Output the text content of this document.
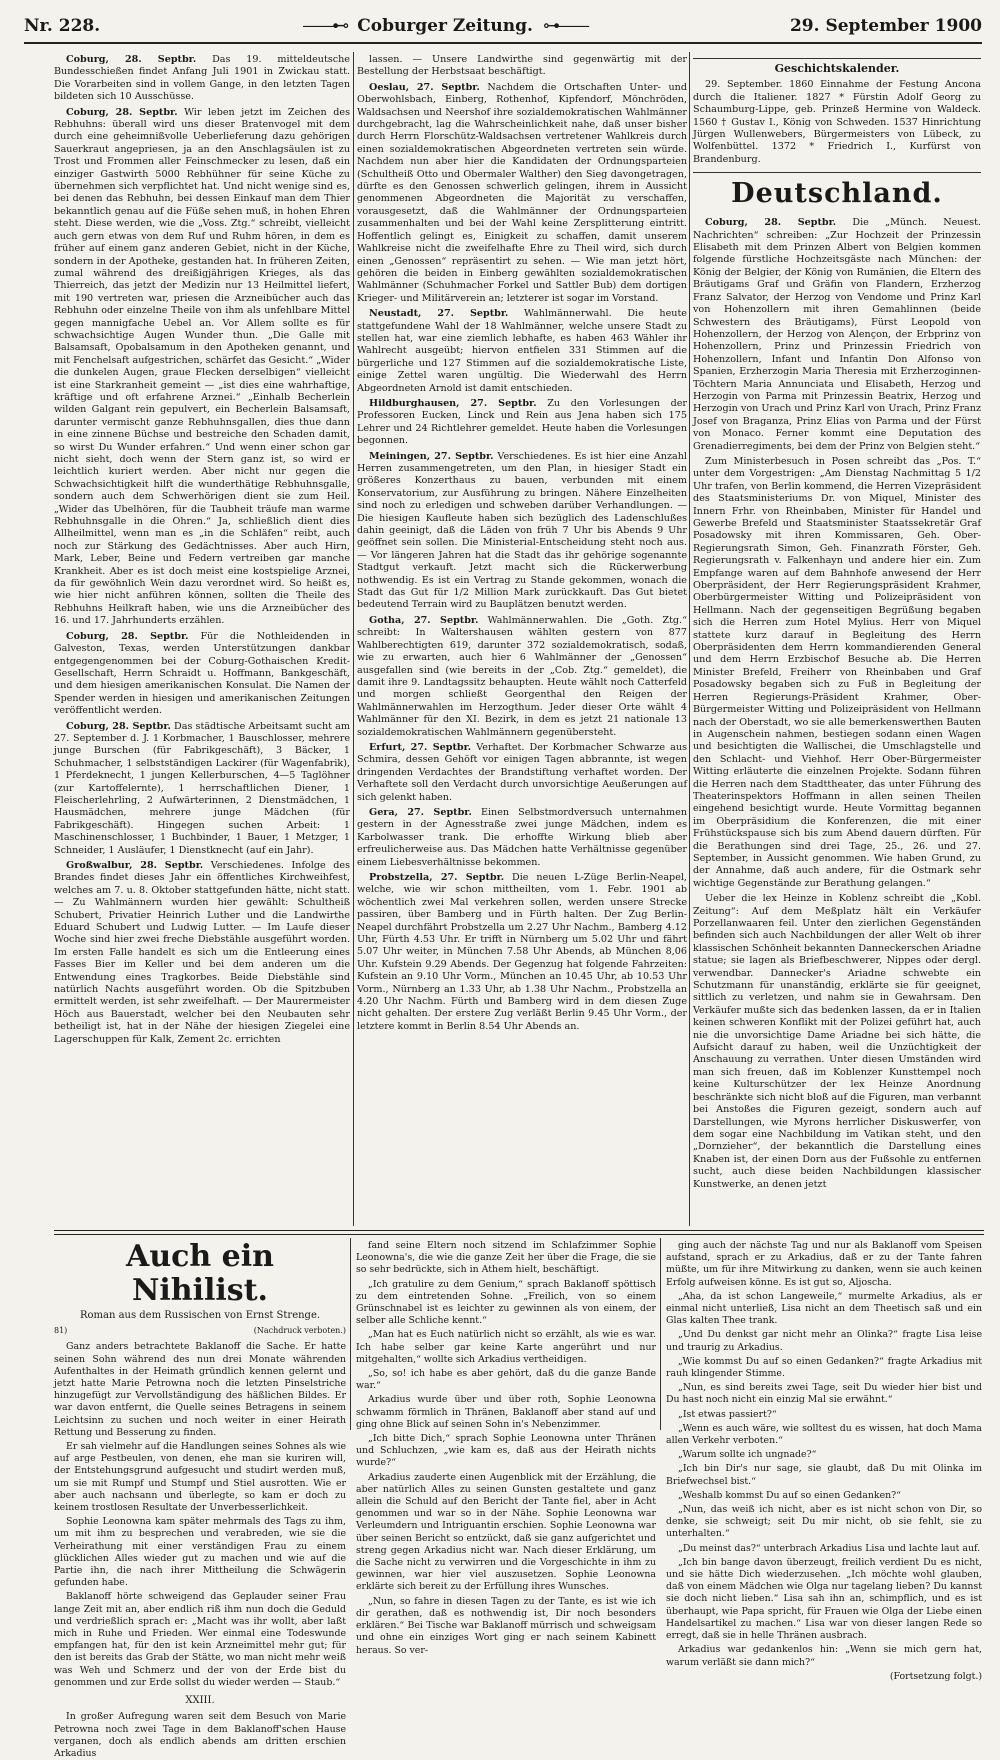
Nr. 228.	——⊷ Coburger Zeitung. ⊶——	29. September 1900

Coburg, 28. Septbr. Das 19. mitteldeutsche Bundesschießen findet Anfang Juli 1901 in Zwickau statt. Die Vorarbeiten sind in vollem Gange, in den letzten Tagen bildeten sich 10 Ausschüsse.

Coburg, 28. Septbr. Wir leben jetzt im Zeichen des Rebhuhns: überall wird uns dieser Bratenvogel mit dem durch eine geheimnißvolle Ueberlieferung dazu gehörigen Sauerkraut angepriesen, ja an den Anschlagsäulen ist zu Trost und Frommen aller Feinschmecker zu lesen, daß ein einziger Gastwirth 5000 Rebhühner für seine Küche zu übernehmen sich verpflichtet hat. Und nicht wenige sind es, bei denen das Rebhuhn, bei dessen Einkauf man dem Thier bekanntlich genau auf die Füße sehen muß, in hohen Ehren steht. Diese werden, wie die „Voss. Ztg.“ schreibt, vielleicht auch gern etwas von dem Ruf und Ruhm hören, in dem es früher auf einem ganz anderen Gebiet, nicht in der Küche, sondern in der Apotheke, gestanden hat. In früheren Zeiten, zumal während des dreißigjährigen Krieges, als das Thierreich, das jetzt der Medizin nur 13 Heilmittel liefert, mit 190 vertreten war, priesen die Arzneibücher auch das Rebhuhn oder einzelne Theile von ihm als unfehlbare Mittel gegen mannigfache Uebel an. Vor Allem sollte es für schwachsichtige Augen Wunder thun. „Die Galle mit Balsamsaft, Opobalsamum in den Apotheken genannt, und mit Fenchelsaft aufgestrichen, schärfet das Gesicht.“ „Wider die dunkelen Augen, graue Flecken derselbigen“ vielleicht ist eine Starkranheit gemeint — „ist dies eine wahrhaftige, kräftige und oft erfahrene Arznei.“ „Einhalb Becherlein wilden Galgant rein gepulvert, ein Becherlein Balsamsaft, darunter vermischt ganze Rebhuhnsgallen, dies thue dann in eine zinnene Büchse und bestreiche den Schaden damit, so wirst Du Wunder erfahren.“ Und wenn einer schon gar nicht sieht, doch wenn der Stern ganz ist, so wird er leichtlich kuriert werden. Aber nicht nur gegen die Schwachsichtigkeit hilft die wunderthätige Rebhuhnsgalle, sondern auch dem Schwerhörigen dient sie zum Heil. „Wider das Ubelhören, für die Taubheit träufe man warme Rebhuhnsgalle in die Ohren.“ Ja, schließlich dient dies Allheilmittel, wenn man es „in die Schläfen“ reibt, auch noch zur Stärkung des Gedächtnisses. Aber auch Hirn, Mark, Leber, Beine und Federn vertreiben gar manche Krankheit. Aber es ist doch meist eine kostspielige Arznei, da für gewöhnlich Wein dazu verordnet wird. So heißt es, wie hier nicht anführen können, sollten die Theile des Rebhuhns Heilkraft haben, wie uns die Arzneibücher des 16. und 17. Jahrhunderts erzählen.

Coburg, 28. Septbr. Für die Nothleidenden in Galveston, Texas, werden Unterstützungen dankbar entgegengenommen bei der Coburg-Gothaischen Kredit-Gesellschaft, Herrn Schraidt u. Hoffmann, Bankgeschäft, und dem hiesigen amerikanischen Konsulat. Die Namen der Spender werden in hiesigen und amerikanischen Zeitungen veröffentlicht werden.

Coburg, 28. Septbr. Das städtische Arbeitsamt sucht am 27. September d. J. 1 Korbmacher, 1 Bauschlosser, mehrere junge Burschen (für Fabrikgeschäft), 3 Bäcker, 1 Schuhmacher, 1 selbstständigen Lackirer (für Wagenfabrik), 1 Pferdeknecht, 1 jungen Kellerburschen, 4—5 Taglöhner (zur Kartoffelernte), 1 herrschaftlichen Diener, 1 Fleischerlehrling, 2 Aufwärterinnen, 2 Dienstmädchen, 1 Hausmädchen, mehrere junge Mädchen (für Fabrikgeschäft). Hingegen suchen Arbeit: 1 Maschinenschlosser, 1 Buchbinder, 1 Bauer, 1 Metzger, 1 Schneider, 1 Ausläufer, 1 Dienstknecht (auf ein Jahr).

Großwalbur, 28. Septbr. Verschiedenes. Infolge des Brandes findet dieses Jahr ein öffentliches Kirchweihfest, welches am 7. u. 8. Oktober stattgefunden hätte, nicht statt. — Zu Wahlmännern wurden hier gewählt: Schultheiß Schubert, Privatier Heinrich Luther und die Landwirthe Eduard Schubert und Ludwig Lutter. — Im Laufe dieser Woche sind hier zwei freche Diebstähle ausgeführt worden. Im ersten Falle handelt es sich um die Entleerung eines Fasses Bier im Keller und bei dem anderen um die Entwendung eines Tragkorbes. Beide Diebstähle sind natürlich Nachts ausgeführt worden. Ob die Spitzbuben ermittelt werden, ist sehr zweifelhaft. — Der Maurermeister Höch aus Bauerstadt, welcher bei den Neubauten sehr betheiligt ist, hat in der Nähe der hiesigen Ziegelei eine Lagerschuppen für Kalk, Zement 2c. errichten

lassen. — Unsere Landwirthe sind gegenwärtig mit der Bestellung der Herbstsaat beschäftigt.

Oeslau, 27. Septbr. Nachdem die Ortschaften Unter- und Oberwohlsbach, Einberg, Rothenhof, Kipfendorf, Mönchröden, Waldsachsen und Neershof ihre sozialdemokratischen Wahlmänner durchgebracht, lag die Wahrscheinlichkeit nahe, daß unser bisher durch Herrn Florschütz-Waldsachsen vertretener Wahlkreis durch einen sozialdemokratischen Abgeordneten vertreten sein würde. Nachdem nun aber hier die Kandidaten der Ordnungsparteien (Schultheiß Otto und Obermaler Walther) den Sieg davongetragen, dürfte es den Genossen schwerlich gelingen, ihrem in Aussicht genommenen Abgeordneten die Majorität zu verschaffen, vorausgesetzt, daß die Wahlmänner der Ordnungsparteien zusammenhalten und bei der Wahl keine Zersplitterung eintritt. Hoffentlich gelingt es, Einigkeit zu schaffen, damit unserem Wahlkreise nicht die zweifelhafte Ehre zu Theil wird, sich durch einen „Genossen“ repräsentirt zu sehen. — Wie man jetzt hört, gehören die beiden in Einberg gewählten sozialdemokratischen Wahlmänner (Schuhmacher Forkel und Sattler Bub) dem dortigen Krieger- und Militärverein an; letzterer ist sogar im Vorstand.

Neustadt, 27. Septbr. Wahlmännerwahl. Die heute stattgefundene Wahl der 18 Wahlmänner, welche unsere Stadt zu stellen hat, war eine ziemlich lebhafte, es haben 463 Wähler ihr Wahlrecht ausgeübt; hiervon entfielen 331 Stimmen auf die bürgerliche und 127 Stimmen auf die sozialdemokratische Liste, einige Zettel waren ungültig. Die Wiederwahl des Herrn Abgeordneten Arnold ist damit entschieden.

Hildburghausen, 27. Septbr. Zu den Vorlesungen der Professoren Eucken, Linck und Rein aus Jena haben sich 175 Lehrer und 24 Richtlehrer gemeldet. Heute haben die Vorlesungen begonnen.

Meiningen, 27. Septbr. Verschiedenes. Es ist hier eine Anzahl Herren zusammengetreten, um den Plan, in hiesiger Stadt ein größeres Konzerthaus zu bauen, verbunden mit einem Konservatorium, zur Ausführung zu bringen. Nähere Einzelheiten sind noch zu erledigen und schweben darüber Verhandlungen. — Die hiesigen Kaufleute haben sich bezüglich des Ladenschlußes dahin geeinigt, daß die Läden von früh 7 Uhr bis Abends 9 Uhr geöffnet sein sollen. Die Ministerial-Entscheidung steht noch aus. — Vor längeren Jahren hat die Stadt das ihr gehörige sogenannte Stadtgut verkauft. Jetzt macht sich die Rückerwerbung nothwendig. Es ist ein Vertrag zu Stande gekommen, wonach die Stadt das Gut für 1/2 Million Mark zurückkauft. Das Gut bietet bedeutend Terrain wird zu Bauplätzen benutzt werden.

Gotha, 27. Septbr. Wahlmännerwahlen. Die „Goth. Ztg.“ schreibt: In Waltershausen wählten gestern von 877 Wahlberechtigten 619, darunter 372 sozialdemokratisch, sodaß, wie zu erwarten, auch hier 6 Wahlmänner der „Genossen“ ausgefallen sind (wie bereits in der „Cob. Ztg.“ gemeldet), die damit ihre 9. Landtagssitz behaupten. Heute wählt noch Catterfeld und morgen schließt Georgenthal den Reigen der Wahlmännerwahlen im Herzogthum. Jeder dieser Orte wählt 4 Wahlmänner für den XI. Bezirk, in dem es jetzt 21 nationale 13 sozialdemokratischen Wahlmännern gegenübersteht.

Erfurt, 27. Septbr. Verhaftet. Der Korbmacher Schwarze aus Schmira, dessen Gehöft vor einigen Tagen abbrannte, ist wegen dringenden Verdachtes der Brandstiftung verhaftet worden. Der Verhaftete soll den Verdacht durch unvorsichtige Aeußerungen auf sich gelenkt haben.

Gera, 27. Septbr. Einen Selbstmordversuch unternahmen gestern in der Agnesstraße zwei junge Mädchen, indem es Karbolwasser trank. Die erhoffte Wirkung blieb aber erfreulicherweise aus. Das Mädchen hatte Verhältnisse gegenüber einem Liebesverhältnisse bekommen.

Probstzella, 27. Septbr. Die neuen L-Züge Berlin-Neapel, welche, wie wir schon mittheilten, vom 1. Febr. 1901 ab wöchentlich zwei Mal verkehren sollen, werden unsere Strecke passiren, über Bamberg und in Fürth halten. Der Zug Berlin-Neapel durchfährt Probstzella um 2.27 Uhr Nachm., Bamberg 4.12 Uhr, Fürth 4.53 Uhr. Er trifft in Nürnberg um 5.02 Uhr und fährt 5.07 Uhr weiter, in München 7.58 Uhr Abends, ab München 8,06 Uhr. Kufstein 9.29 Abends. Der Gegenzug hat folgende Fahrzeiten: Kufstein an 9.10 Uhr Vorm., München an 10.45 Uhr, ab 10.53 Uhr Vorm., Nürnberg an 1.33 Uhr, ab 1.38 Uhr Nachm., Probstzella an 4.20 Uhr Nachm. Fürth und Bamberg wird in dem diesen Zuge nicht gehalten. Der erstere Zug verläßt Berlin 9.45 Uhr Vorm., der letztere kommt in Berlin 8.54 Uhr Abends an.

Geschichtskalender.

29. September. 1860 Einnahme der Festung Ancona durch die Italiener. 1827 * Fürstin Adolf Georg zu Schaumburg-Lippe, geb. Prinzeß Hermine von Waldeck. 1560 † Gustav I., König von Schweden. 1537 Hinrichtung Jürgen Wullenwebers, Bürgermeisters von Lübeck, zu Wolfenbüttel. 1372 * Friedrich I., Kurfürst von Brandenburg.

Deutschland.

Coburg, 28. Septbr. Die „Münch. Neuest. Nachrichten“ schreiben: „Zur Hochzeit der Prinzessin Elisabeth mit dem Prinzen Albert von Belgien kommen folgende fürstliche Hochzeitsgäste nach München: der König der Belgier, der König von Rumänien, die Eltern des Bräutigams Graf und Gräfin von Flandern, Erzherzog Franz Salvator, der Herzog von Vendome und Prinz Karl von Hohenzollern mit ihren Gemahlinnen (beide Schwestern des Bräutigams), Fürst Leopold von Hohenzollern, der Herzog von Alençon, der Erbprinz von Hohenzollern, Prinz und Prinzessin Friedrich von Hohenzollern, Infant und Infantin Don Alfonso von Spanien, Erzherzogin Maria Theresia mit Erzherzoginnen-Töchtern Maria Annunciata und Elisabeth, Herzog und Herzogin von Parma mit Prinzessin Beatrix, Herzog und Herzogin von Urach und Prinz Karl von Urach, Prinz Franz Josef von Braganza, Prinz Elias von Parma und der Fürst von Monaco. Ferner kommt eine Deputation des Grenadierregiments, bei dem der Prinz von Belgien steht.“

Zum Ministerbesuch in Posen schreibt das „Pos. T.“ unter dem Vorgestrigen: „Am Dienstag Nachmittag 5 1/2 Uhr trafen, von Berlin kommend, die Herren Vizepräsident des Staatsministeriums Dr. von Miquel, Minister des Innern Frhr. von Rheinbaben, Minister für Handel und Gewerbe Brefeld und Staatsminister Staatssekretär Graf Posadowsky mit ihren Kommissaren, Geh. Ober-Regierungsrath Simon, Geh. Finanzrath Förster, Geh. Regierungsrath v. Falkenhayn und andere hier ein. Zum Empfange waren auf dem Bahnhofe anwesend der Herr Oberpräsident, der Herr Regierungspräsident Krahmer, Oberbürgermeister Witting und Polizeipräsident von Hellmann. Nach der gegenseitigen Begrüßung begaben sich die Herren zum Hotel Mylius. Herr von Miquel stattete kurz darauf in Begleitung des Herrn Oberpräsidenten dem Herrn kommandierenden General und dem Herrn Erzbischof Besuche ab. Die Herren Minister Brefeld, Freiherr von Rheinbaben und Graf Posadowsky begaben sich zu Fuß in Begleitung der Herren Regierungs-Präsident Krahmer, Ober-Bürgermeister Witting und Polizeipräsident von Hellmann nach der Oberstadt, wo sie alle bemerkenswerthen Bauten in Augenschein nahmen, bestiegen sodann einen Wagen und besichtigten die Wallischei, die Umschlagstelle und den Schlacht- und Viehhof. Herr Ober-Bürgermeister Witting erläuterte die einzelnen Projekte. Sodann führen die Herren nach dem Stadttheater, das unter Führung des Theaterinspektors Hoffmann in allen seinen Theilen eingehend besichtigt wurde. Heute Vormittag begannen im Oberpräsidium die Konferenzen, die mit einer Frühstückspause sich bis zum Abend dauern dürften. Für die Berathungen sind drei Tage, 25., 26. und 27. September, in Aussicht genommen. Wie haben Grund, zu der Annahme, daß auch andere, für die Ostmark sehr wichtige Gegenstände zur Berathung gelangen.“

Ueber die lex Heinze in Koblenz schreibt die „Kobl. Zeitung“: Auf dem Meßplatz hält ein Verkäufer Porzellanwaaren feil. Unter den zierlichen Gegenständen befinden sich auch Nachbildungen der aller Welt ob ihrer klassischen Schönheit bekannten Danneckerschen Ariadne statue; sie lagen als Briefbeschwerer, Nippes oder dergl. verwendbar. Dannecker's Ariadne schwebte ein Schutzmann für unanständig, erklärte sie für geeignet, sittlich zu verletzen, und nahm sie in Gewahrsam. Den Verkäufer mußte sich das bedenken lassen, da er in Italien keinen schweren Konflikt mit der Polizei geführt hat, auch nie die unvorsichtige Dame Ariadne bei sich hätte, die Aufsicht darauf zu haben, weil die Unzüchtigkeit der Anschauung zu verrathen. Unter diesen Umständen wird man sich freuen, daß im Koblenzer Kunsttempel noch keine Kulturschützer der lex Heinze Anordnung beschränkte sich nicht bloß auf die Figuren, man verbannt bei Anstoßes die Figuren gezeigt, sondern auch auf Darstellungen, wie Myrons herrlicher Diskuswerfer, von dem sogar eine Nachbildung im Vatikan steht, und den „Dornzieher“, der bekanntlich die Darstellung eines Knaben ist, der einen Dorn aus der Fußsohle zu entfernen sucht, auch diese beiden Nachbildungen klassischer Kunstwerke, an denen jetzt

Auch ein Nihilist.
Roman aus dem Russischen von Ernst Strenge.
81)	(Nachdruck verboten.)

Ganz anders betrachtete Baklanoff die Sache. Er hatte seinen Sohn während des nun drei Monate währenden Aufenthaltes in der Heimath gründlich kennen gelernt und jetzt hatte Marie Petrowna noch die letzten Pinselstriche hinzugefügt zur Vervollständigung des häßlichen Bildes. Er war davon entfernt, die Quelle seines Betragens in seinem Leichtsinn zu suchen und noch weiter in einer Heirath Rettung und Besserung zu finden.

Er sah vielmehr auf die Handlungen seines Sohnes als wie auf arge Pestbeulen, von denen, ehe man sie kuriren will, der Entstehungsgrund aufgesucht und studirt werden muß, um sie mit Rumpf und Stumpf und Stiel ausrotten. Wie er aber auch nachsann und überlegte, so kam er doch zu keinem trostlosen Resultate der Unverbesserlichkeit.

Sophie Leonowna kam später mehrmals des Tags zu ihm, um mit ihm zu besprechen und verabreden, wie sie die Verheirathung mit einer verständigen Frau zu einem glücklichen Alles wieder gut zu machen und wie auf die Partie ihn, die nach ihrer Mittheilung die Schwägerin gefunden habe.

Baklanoff hörte schweigend das Geplauder seiner Frau lange Zeit mit an, aber endlich riß ihm nun doch die Geduld und verdrießlich sprach er: „Macht was ihr wollt, aber laßt mich in Ruhe und Frieden. Wer einmal eine Todeswunde empfangen hat, für den ist kein Arzneimittel mehr gut; für den ist bereits das Grab der Stätte, wo man nicht mehr weiß was Weh und Schmerz und der von der Erde bist du genommen und zur Erde sollst du wieder werden — Staub.“

XXIII.

In großer Aufregung waren seit dem Besuch von Marie Petrowna noch zwei Tage in dem Baklanoff'schen Hause verganen, doch als endlich abends am dritten erschien Arkadius

fand seine Eltern noch sitzend im Schlafzimmer Sophie Leonowna's, die wie die ganze Zeit her über die Frage, die sie so sehr bedrückte, sich in Athem hielt, beschäftigt.

„Ich gratulire zu dem Genium,“ sprach Baklanoff spöttisch zu dem eintretenden Sohne. „Freilich, von so einem Grünschnabel ist es leichter zu gewinnen als von einem, der selber alle Schliche kennt.“

„Man hat es Euch natürlich nicht so erzählt, als wie es war. Ich habe selber gar keine Karte angerührt und nur mitgehalten,“ wollte sich Arkadius vertheidigen.

„So, so! ich habe es aber gehört, daß du die ganze Bande war.“

Arkadius wurde über und über roth, Sophie Leonowna schwamm förmlich in Thränen, Baklanoff aber stand auf und ging ohne Blick auf seinen Sohn in's Nebenzimmer.

„Ich bitte Dich,“ sprach Sophie Leonowna unter Thränen und Schluchzen, „wie kam es, daß aus der Heirath nichts wurde?“

Arkadius zauderte einen Augenblick mit der Erzählung, die aber natürlich Alles zu seinen Gunsten gestaltete und ganz allein die Schuld auf den Bericht der Tante fiel, aber in Acht genommen und war so in der Nähe. Sophie Leonowna war Verleumdern und Intriguantin erschien. Sophie Leonowna war über seinen Bericht so entzückt, daß sie ganz aufgerichtet und streng gegen Arkadius nicht war. Nach dieser Erklärung, um die Sache nicht zu verwirren und die Vorgeschichte in ihm zu gewinnen, war hier viel auszusetzen. Sophie Leonowna erklärte sich bereit zu der Erfüllung ihres Wunsches.

„Nun, so fahre in diesen Tagen zu der Tante, es ist wie ich dir gerathen, daß es nothwendig ist, Dir noch besonders erklären.“ Bei Tische war Baklanoff mürrisch und schweigsam und ohne ein einziges Wort ging er nach seinem Kabinett heraus. So ver-

ging auch der nächste Tag und nur als Baklanoff vom Speisen aufstand, sprach er zu Arkadius, daß er zu der Tante fahren müßte, um für ihre Mitwirkung zu danken, wenn sie auch keinen Erfolg aufweisen könne. Es ist gut so, Aljoscha.

„Aha, da ist schon Langeweile,“ murmelte Arkadius, als er einmal nicht unterließ, Lisa nicht an dem Theetisch saß und ein Glas kalten Thee trank.

„Und Du denkst gar nicht mehr an Olinka?“ fragte Lisa leise und traurig zu Arkadius.

„Wie kommst Du auf so einen Gedanken?“ fragte Arkadius mit rauh klingender Stimme.

„Nun, es sind bereits zwei Tage, seit Du wieder hier bist und Du hast noch nicht ein einzig Mal sie erwähnt.“

„Ist etwas passiert?“

„Wenn es auch wäre, wie solltest du es wissen, hat doch Mama allen Verkehr verboten.“

„Warum sollte ich ungnade?“

„Ich bin Dir's nur sage, sie glaubt, daß Du mit Olinka im Briefwechsel bist.“

„Weshalb kommst Du auf so einen Gedanken?“

„Nun, das weiß ich nicht, aber es ist nicht schon von Dir, so denke, sie schweigt; seit Du mir nicht, ob sie fehlt, sie zu unterhalten.“

„Du meinst das?“ unterbrach Arkadius Lisa und lachte laut auf.

„Ich bin bange davon überzeugt, freilich verdient Du es nicht, und sie hätte Dich wiederzusehen. „Ich möchte wohl glauben, daß von einem Mädchen wie Olga nur tagelang lieben? Du kannst sie doch nicht lieben.“ Lisa sah ihn an, schimpflich, und es ist überhaupt, wie Papa spricht, für Frauen wie Olga der Liebe einen Handelsartikel zu machen.“ Lisa war von dieser langen Rede so erregt, daß sie in helle Thränen ausbrach.

Arkadius war gedankenlos hin: „Wenn sie mich gern hat, warum verläßt sie dann mich?“

(Fortsetzung folgt.)
